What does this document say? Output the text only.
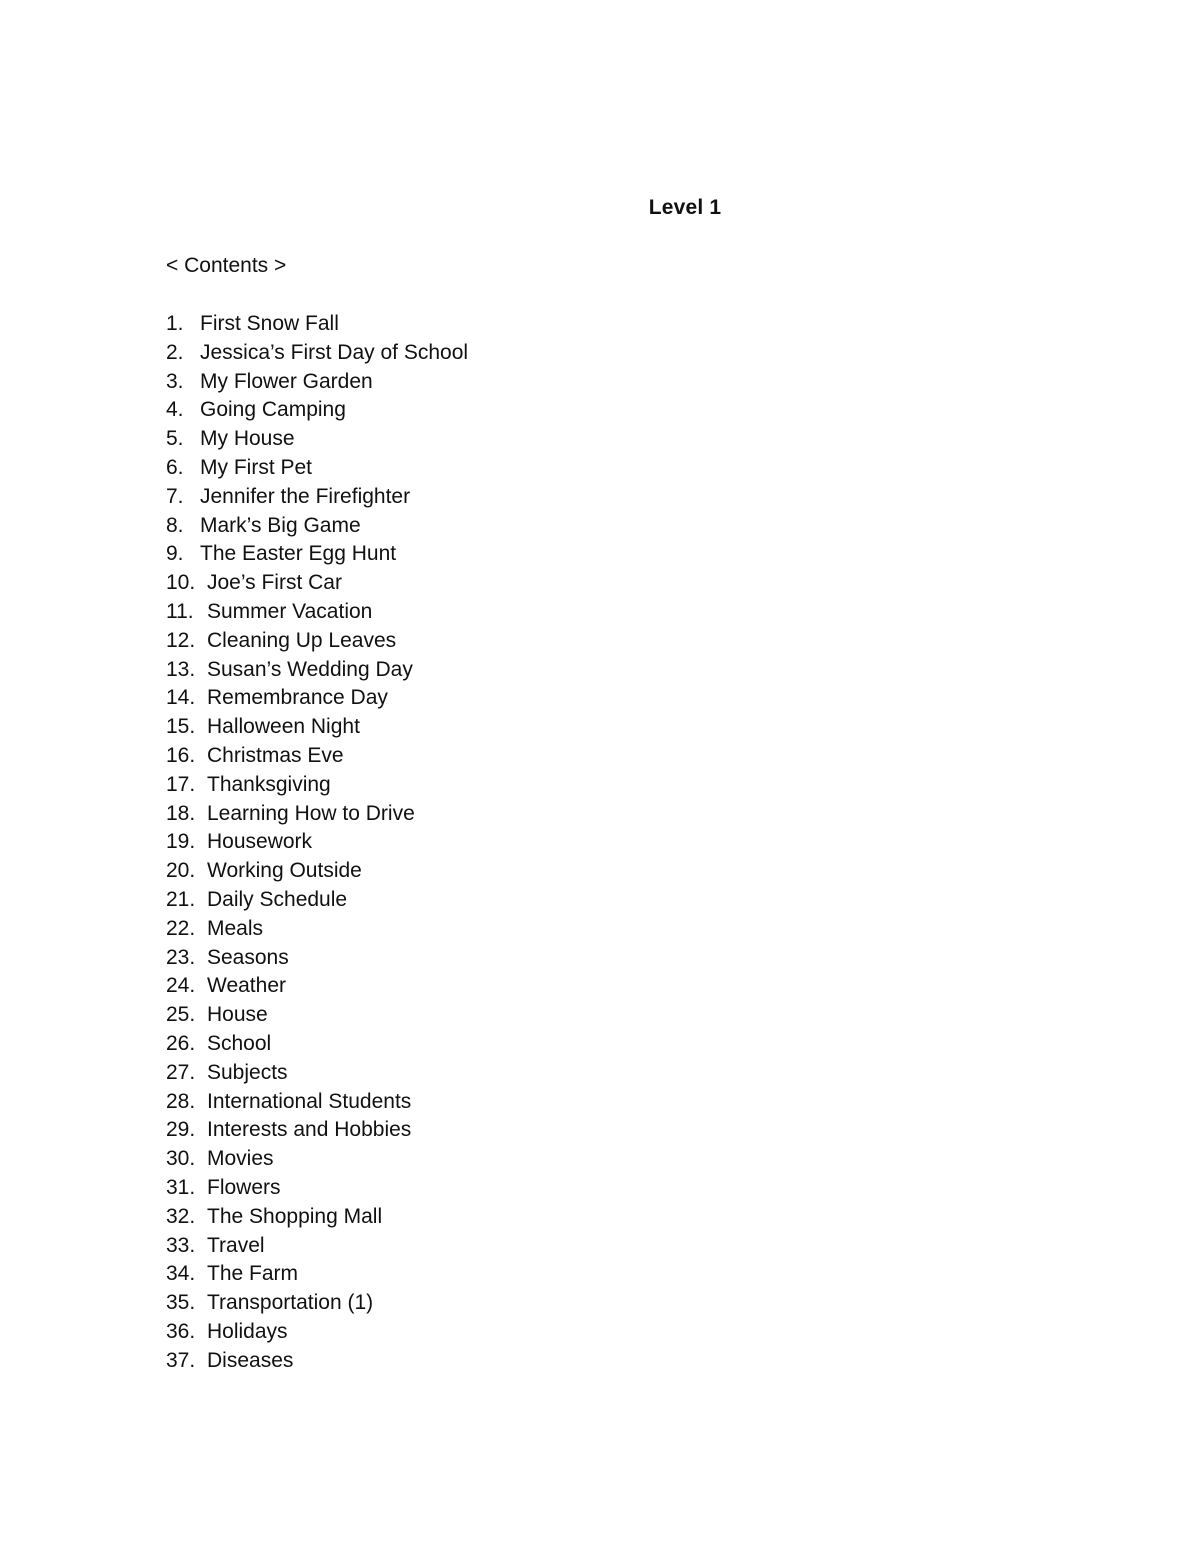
Level 1
< Contents >
1. First Snow Fall
2. Jessica’s First Day of School
3. My Flower Garden
4. Going Camping
5. My House
6. My First Pet
7. Jennifer the Firefighter
8. Mark’s Big Game
9. The Easter Egg Hunt
10. Joe’s First Car
11. Summer Vacation
12. Cleaning Up Leaves
13. Susan’s Wedding Day
14. Remembrance Day
15. Halloween Night
16. Christmas Eve
17. Thanksgiving
18. Learning How to Drive
19. Housework
20. Working Outside
21. Daily Schedule
22. Meals
23. Seasons
24. Weather
25. House
26. School
27. Subjects
28. International Students
29. Interests and Hobbies
30. Movies
31. Flowers
32. The Shopping Mall
33. Travel
34. The Farm
35. Transportation (1)
36. Holidays
37. Diseases
